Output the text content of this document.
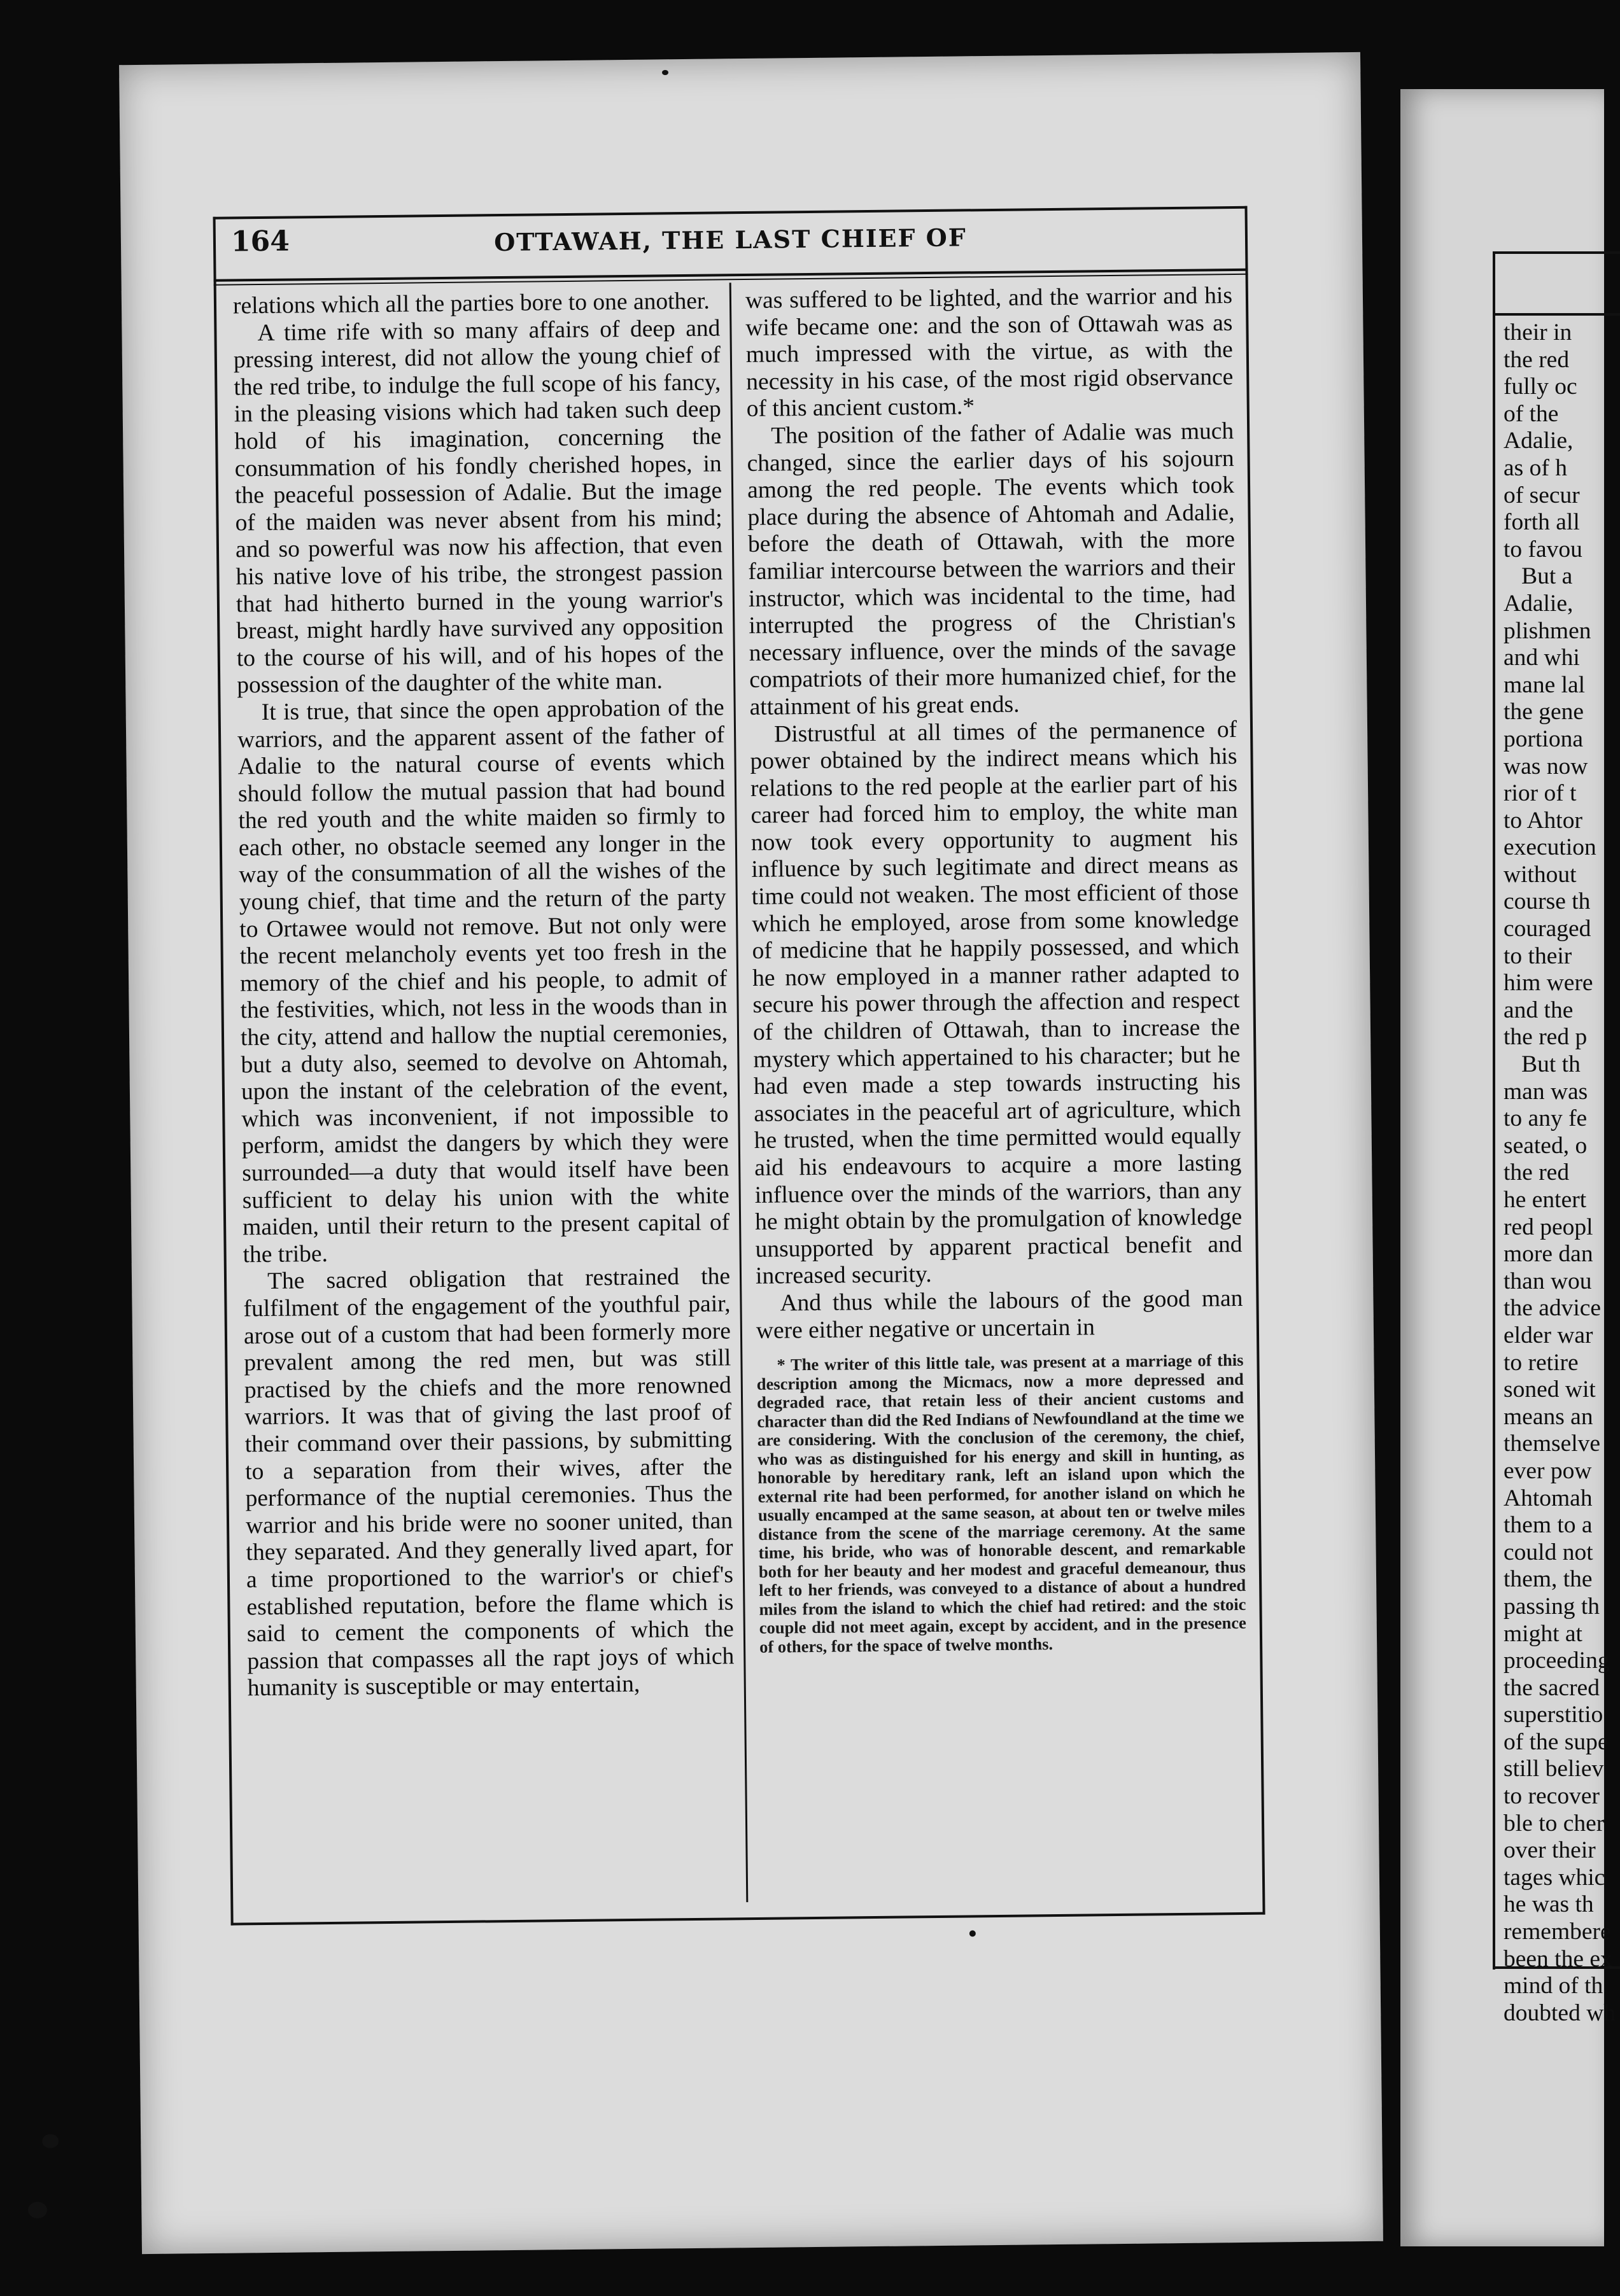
164	OTTAWAH, THE LAST CHIEF OF

relations which all the parties bore to one another.

A time rife with so many affairs of deep and pressing interest, did not allow the young chief of the red tribe, to indulge the full scope of his fancy, in the pleasing visions which had taken such deep hold of his imagination, concerning the consummation of his fondly cherished hopes, in the peaceful possession of Adalie. But the image of the maiden was never absent from his mind; and so powerful was now his affection, that even his native love of his tribe, the strongest passion that had hitherto burned in the young warrior's breast, might hardly have survived any opposition to the course of his will, and of his hopes of the possession of the daughter of the white man.

It is true, that since the open approbation of the warriors, and the apparent assent of the father of Adalie to the natural course of events which should follow the mutual passion that had bound the red youth and the white maiden so firmly to each other, no obstacle seemed any longer in the way of the consummation of all the wishes of the young chief, that time and the return of the party to Ortawee would not remove. But not only were the recent melancholy events yet too fresh in the memory of the chief and his people, to admit of the festivities, which, not less in the woods than in the city, attend and hallow the nuptial ceremonies, but a duty also, seemed to devolve on Ahtomah, upon the instant of the celebration of the event, which was inconvenient, if not impossible to perform, amidst the dangers by which they were surrounded—a duty that would itself have been sufficient to delay his union with the white maiden, until their return to the present capital of the tribe.

The sacred obligation that restrained the fulfilment of the engagement of the youthful pair, arose out of a custom that had been formerly more prevalent among the red men, but was still practised by the chiefs and the more renowned warriors. It was that of giving the last proof of their command over their passions, by submitting to a separation from their wives, after the performance of the nuptial ceremonies. Thus the warrior and his bride were no sooner united, than they separated. And they generally lived apart, for a time proportioned to the warrior's or chief's established reputation, before the flame which is said to cement the components of which the passion that compasses all the rapt joys of which humanity is susceptible or may entertain,

was suffered to be lighted, and the warrior and his wife became one: and the son of Ottawah was as much impressed with the virtue, as with the necessity in his case, of the most rigid observance of this ancient custom.*

The position of the father of Adalie was much changed, since the earlier days of his sojourn among the red people. The events which took place during the absence of Ahtomah and Adalie, before the death of Ottawah, with the more familiar intercourse between the warriors and their instructor, which was incidental to the time, had interrupted the progress of the Christian's necessary influence, over the minds of the savage compatriots of their more humanized chief, for the attainment of his great ends.

Distrustful at all times of the permanence of power obtained by the indirect means which his relations to the red people at the earlier part of his career had forced him to employ, the white man now took every opportunity to augment his influence by such legitimate and direct means as time could not weaken. The most efficient of those which he employed, arose from some knowledge of medicine that he happily possessed, and which he now employed in a manner rather adapted to secure his power through the affection and respect of the children of Ottawah, than to increase the mystery which appertained to his character; but he had even made a step towards instructing his associates in the peaceful art of agriculture, which he trusted, when the time permitted would equally aid his endeavours to acquire a more lasting influence over the minds of the warriors, than any he might obtain by the promulgation of knowledge unsupported by apparent practical benefit and increased security.

And thus while the labours of the good man were either negative or uncertain in

* The writer of this little tale, was present at a marriage of this description among the Micmacs, now a more depressed and degraded race, that retain less of their ancient customs and character than did the Red Indians of Newfoundland at the time we are considering. With the conclusion of the ceremony, the chief, who was as distinguished for his energy and skill in hunting, as honorable by hereditary rank, left an island upon which the external rite had been performed, for another island on which he usually encamped at the same season, at about ten or twelve miles distance from the scene of the marriage ceremony. At the same time, his bride, who was of honorable descent, and remarkable both for her beauty and her modest and graceful demeanour, thus left to her friends, was conveyed to a distance of about a hundred miles from the island to which the chief had retired: and the stoic couple did not meet again, except by accident, and in the presence of others, for the space of twelve months.
their in
the red
fully oc
of the
Adalie,
as of h
of secur
forth all
to favou
But a
Adalie,
plishmen
and whi
mane lal
the gene
portiona
was now
rior of t
to Ahtor
execution
without
course th
couraged
to their
him were
and the
the red p
But th
man was
to any fe
seated, o
the red
he entert
red peopl
more dan
than wou
the advice
elder war
to retire
soned wit
means an
themselve
ever pow
Ahtomah
them to a
could not
them, the
passing th
might at
proceeding
the sacred
superstitio
of the supe
still believ
to recover
ble to cher
over their
tages whic
he was th
remembere
been the ex
mind of th
doubted wh
